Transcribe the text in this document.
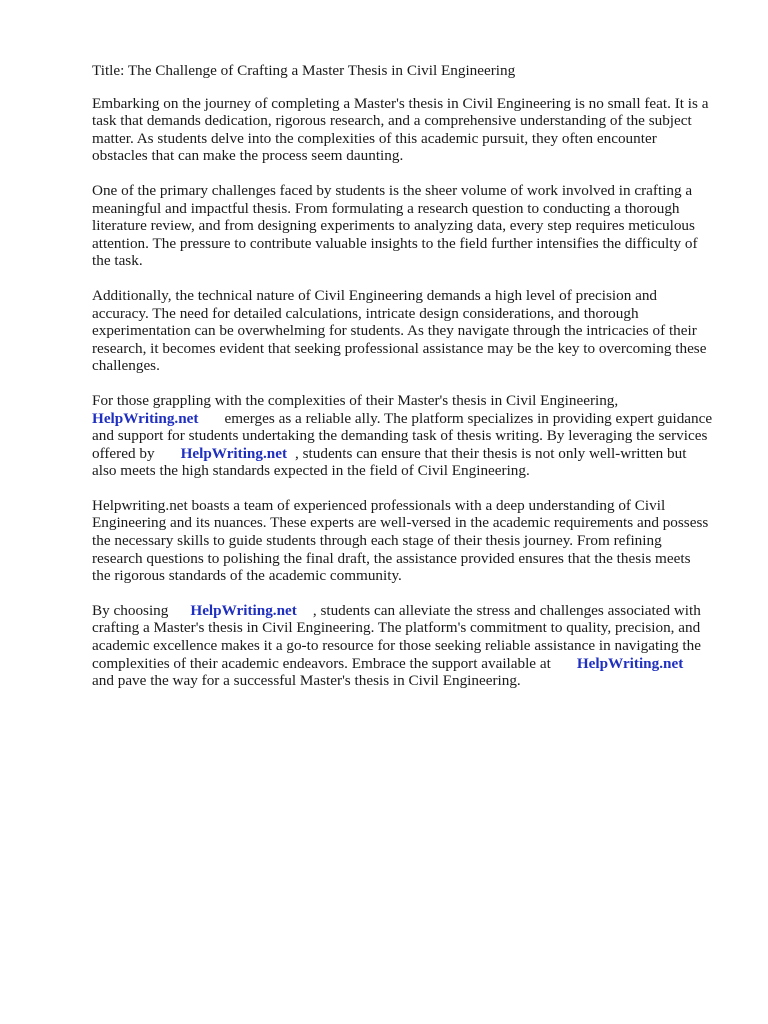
Title: The Challenge of Crafting a Master Thesis in Civil Engineering

Embarking on the journey of completing a Master's thesis in Civil Engineering is no small feat. It is a
task that demands dedication, rigorous research, and a comprehensive understanding of the subject
matter. As students delve into the complexities of this academic pursuit, they often encounter
obstacles that can make the process seem daunting.

One of the primary challenges faced by students is the sheer volume of work involved in crafting a
meaningful and impactful thesis. From formulating a research question to conducting a thorough
literature review, and from designing experiments to analyzing data, every step requires meticulous
attention. The pressure to contribute valuable insights to the field further intensifies the difficulty of
the task.

Additionally, the technical nature of Civil Engineering demands a high level of precision and
accuracy. The need for detailed calculations, intricate design considerations, and thorough
experimentation can be overwhelming for students. As they navigate through the intricacies of their
research, it becomes evident that seeking professional assistance may be the key to overcoming these
challenges.

For those grappling with the complexities of their Master's thesis in Civil Engineering,
HelpWriting.net emerges as a reliable ally. The platform specializes in providing expert guidance
and support for students undertaking the demanding task of thesis writing. By leveraging the services
offered by HelpWriting.net , students can ensure that their thesis is not only well-written but
also meets the high standards expected in the field of Civil Engineering.

Helpwriting.net boasts a team of experienced professionals with a deep understanding of Civil
Engineering and its nuances. These experts are well-versed in the academic requirements and possess
the necessary skills to guide students through each stage of their thesis journey. From refining
research questions to polishing the final draft, the assistance provided ensures that the thesis meets
the rigorous standards of the academic community.

By choosing HelpWriting.net , students can alleviate the stress and challenges associated with
crafting a Master's thesis in Civil Engineering. The platform's commitment to quality, precision, and
academic excellence makes it a go-to resource for those seeking reliable assistance in navigating the
complexities of their academic endeavors. Embrace the support available at HelpWriting.net
and pave the way for a successful Master's thesis in Civil Engineering.
